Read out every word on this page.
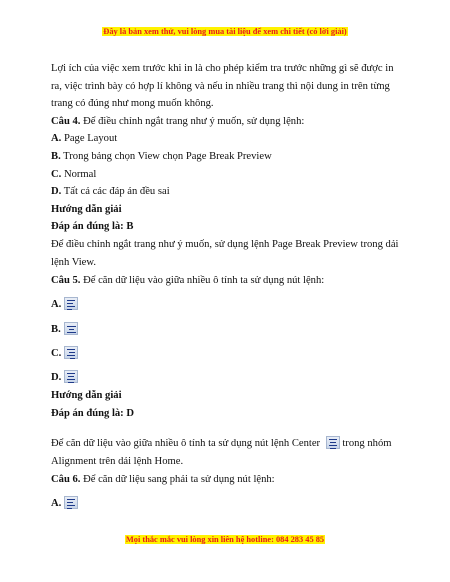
Đây là bản xem thử, vui lòng mua tài liệu để xem chi tiết (có lời giải)
Lợi ích của việc xem trước khi in là cho phép kiểm tra trước những gì sẽ được in
ra, việc trình bày có hợp lí không và nếu in nhiều trang thì nội dung in trên từng
trang có đúng như mong muốn không.
Câu 4. Để điều chỉnh ngắt trang như ý muốn, sử dụng lệnh:
A. Page Layout
B. Trong bảng chọn View chọn Page Break Preview
C. Normal
D. Tất cả các đáp án đều sai
Hướng dẫn giải
Đáp án đúng là: B
Để điều chỉnh ngắt trang như ý muốn, sử dụng lệnh Page Break Preview trong dải
lệnh View.
Câu 5. Để căn dữ liệu vào giữa nhiều ô tính ta sử dụng nút lệnh:
A.
B.
C.
D.
Hướng dẫn giải
Đáp án đúng là: D
Để căn dữ liệu vào giữa nhiều ô tính ta sử dụng nút lệnh Center
trong nhóm
Alignment trên dải lệnh Home.
Câu 6. Để căn dữ liệu sang phải ta sử dụng nút lệnh:
A.
Mọi thắc mắc vui lòng xin liên hệ hotline: 084 283 45 85
